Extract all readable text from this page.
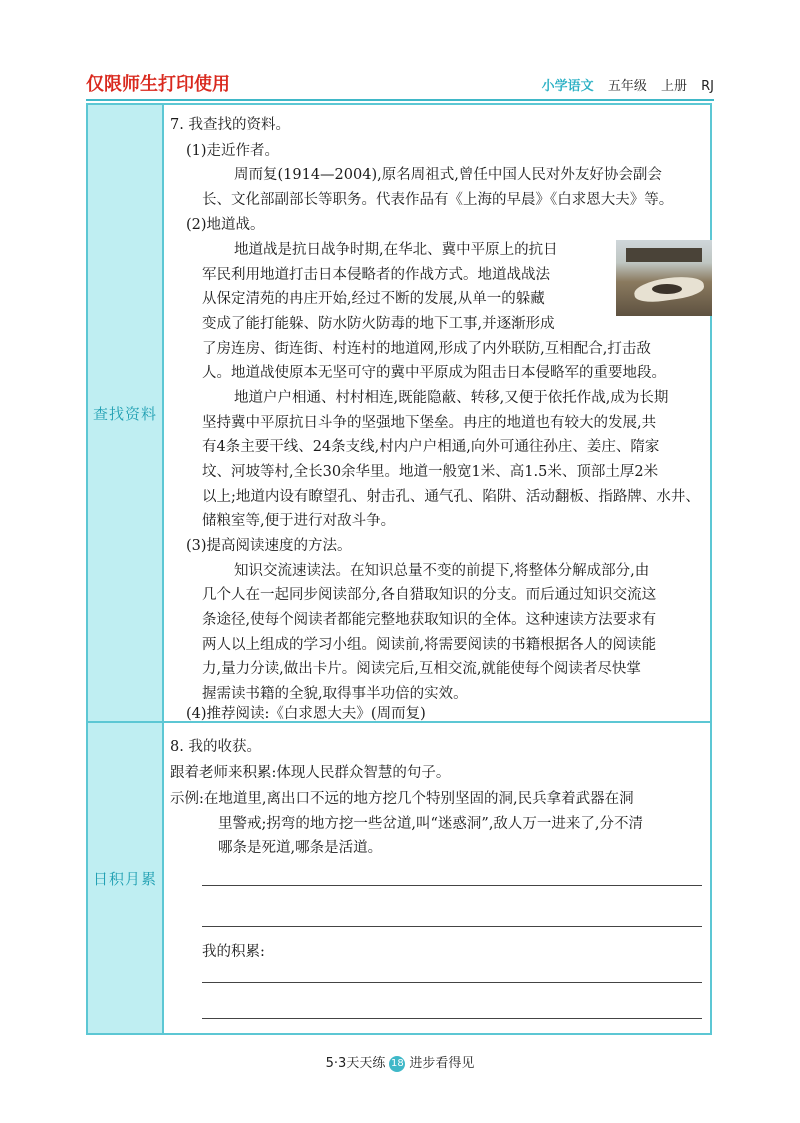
仅限师生打印使用	小学语文 五年级 上册 RJ
查找资料
日积月累
7. 我查找的资料。
(1)走近作者。
周而复(1914—2004),原名周祖式,曾任中国人民对外友好协会副会
长、文化部副部长等职务。代表作品有《上海的早晨》《白求恩大夫》等。
(2)地道战。
地道战是抗日战争时期,在华北、冀中平原上的抗日
军民利用地道打击日本侵略者的作战方式。地道战战法
从保定清苑的冉庄开始,经过不断的发展,从单一的躲藏
变成了能打能躲、防水防火防毒的地下工事,并逐渐形成
了房连房、街连街、村连村的地道网,形成了内外联防,互相配合,打击敌
人。地道战使原本无坚可守的冀中平原成为阻击日本侵略军的重要地段。
地道户户相通、村村相连,既能隐蔽、转移,又便于依托作战,成为长期
坚持冀中平原抗日斗争的坚强地下堡垒。冉庄的地道也有较大的发展,共
有4条主要干线、24条支线,村内户户相通,向外可通往孙庄、姜庄、隋家
坟、河坡等村,全长30余华里。地道一般宽1米、高1.5米、顶部土厚2米
以上;地道内设有瞭望孔、射击孔、通气孔、陷阱、活动翻板、指路牌、水井、
储粮室等,便于进行对敌斗争。
(3)提高阅读速度的方法。
知识交流速读法。在知识总量不变的前提下,将整体分解成部分,由
几个人在一起同步阅读部分,各自猎取知识的分支。而后通过知识交流这
条途径,使每个阅读者都能完整地获取知识的全体。这种速读方法要求有
两人以上组成的学习小组。阅读前,将需要阅读的书籍根据各人的阅读能
力,量力分读,做出卡片。阅读完后,互相交流,就能使每个阅读者尽快掌
握需读书籍的全貌,取得事半功倍的实效。
(4)推荐阅读:《白求恩大夫》(周而复)
8. 我的收获。
跟着老师来积累:体现人民群众智慧的句子。
示例:在地道里,离出口不远的地方挖几个特别坚固的洞,民兵拿着武器在洞
里警戒;拐弯的地方挖一些岔道,叫“迷惑洞”,敌人万一进来了,分不清
哪条是死道,哪条是活道。
我的积累:
5·3天天练 18 进步看得见
